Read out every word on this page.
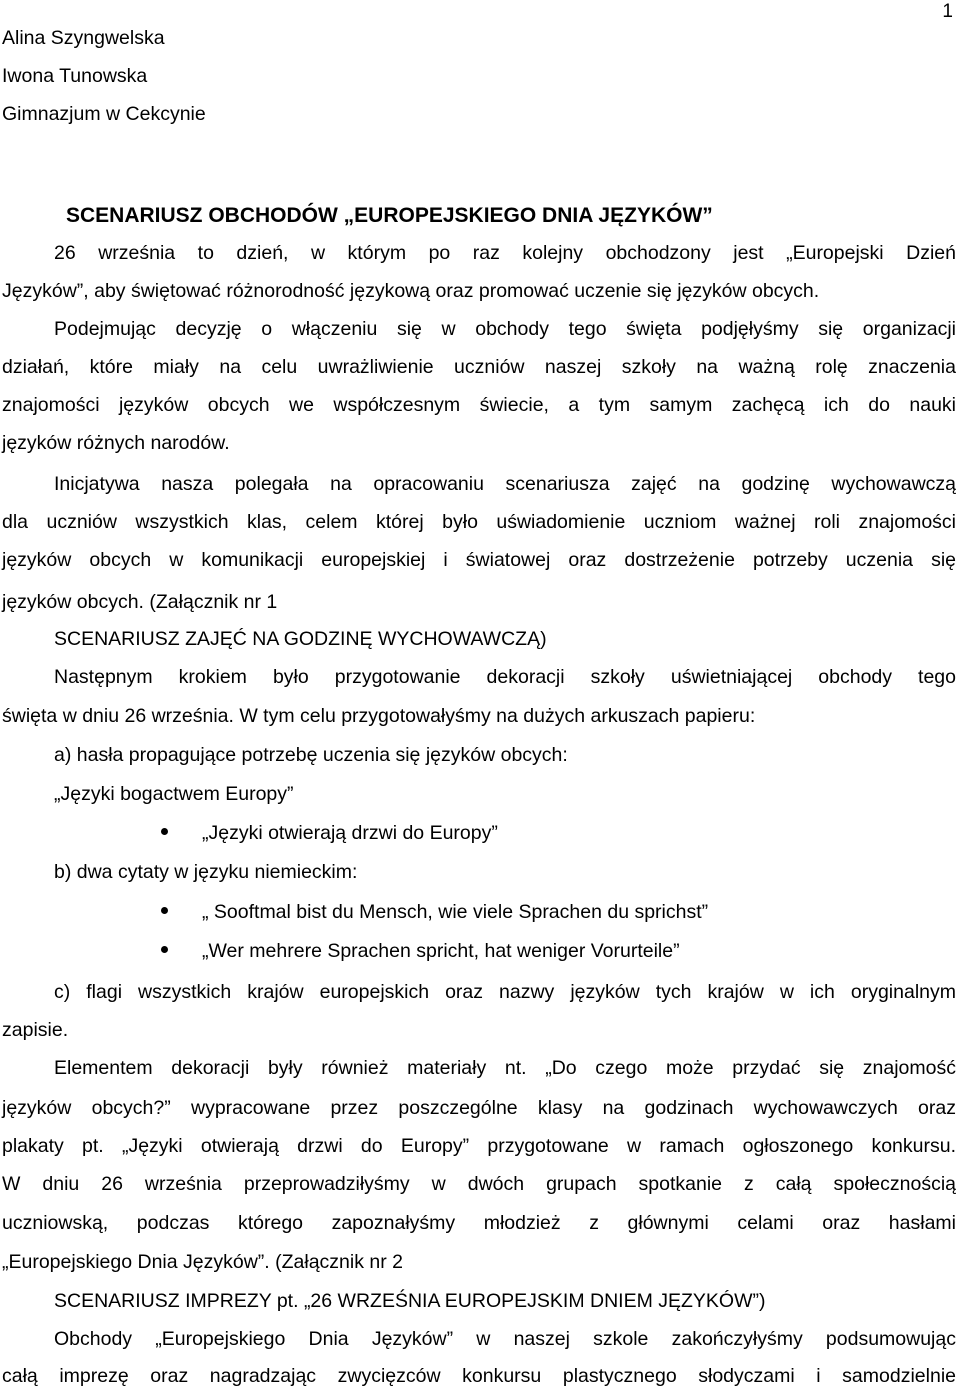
1
Alina Szyngwelska
Iwona Tunowska
Gimnazjum w Cekcynie
SCENARIUSZ OBCHODÓW „EUROPEJSKIEGO DNIA JĘZYKÓW”
26 września to dzień, w którym po raz kolejny obchodzony jest „Europejski Dzień
Języków”, aby świętować różnorodność językową oraz promować uczenie się języków obcych.
Podejmując decyzję o włączeniu się w obchody tego święta podjęłyśmy się organizacji
działań, które miały na celu uwrażliwienie uczniów naszej szkoły na ważną rolę znaczenia
znajomości języków obcych we współczesnym świecie, a tym samym zachęcą ich do nauki
języków różnych narodów.
Inicjatywa nasza polegała na opracowaniu scenariusza zajęć na godzinę wychowawczą
dla uczniów wszystkich klas, celem której było uświadomienie uczniom ważnej roli znajomości
języków obcych w komunikacji europejskiej i światowej oraz dostrzeżenie potrzeby uczenia się
języków obcych. (Załącznik nr 1
SCENARIUSZ ZAJĘĆ NA GODZINĘ WYCHOWAWCZĄ)
Następnym krokiem było przygotowanie dekoracji szkoły uświetniającej obchody tego
święta w dniu 26 września. W tym celu przygotowałyśmy na dużych arkuszach papieru:
a) hasła propagujące potrzebę uczenia się języków obcych:
„Języki bogactwem Europy”
„Języki otwierają drzwi do Europy”
b) dwa cytaty w języku niemieckim:
„ Sooftmal bist du Mensch, wie viele Sprachen du sprichst”
„Wer mehrere Sprachen spricht, hat weniger Vorurteile”
c) flagi wszystkich krajów europejskich oraz nazwy języków tych krajów w ich oryginalnym
zapisie.
Elementem dekoracji były również materiały nt. „Do czego może przydać się znajomość
języków obcych?” wypracowane przez poszczególne klasy na godzinach wychowawczych oraz
plakaty pt. „Języki otwierają drzwi do Europy” przygotowane w ramach ogłoszonego konkursu.
W dniu 26 września przeprowadziłyśmy w dwóch grupach spotkanie z całą społecznością
uczniowską, podczas którego zapoznałyśmy młodzież z głównymi celami oraz hasłami
„Europejskiego Dnia Języków”. (Załącznik nr 2
SCENARIUSZ IMPREZY pt. „26 WRZEŚNIA EUROPEJSKIM DNIEM JĘZYKÓW”)
Obchody „Europejskiego Dnia Języków” w naszej szkole zakończyłyśmy podsumowując
całą imprezę oraz nagradzając zwycięzców konkursu plastycznego słodyczami i samodzielnie
